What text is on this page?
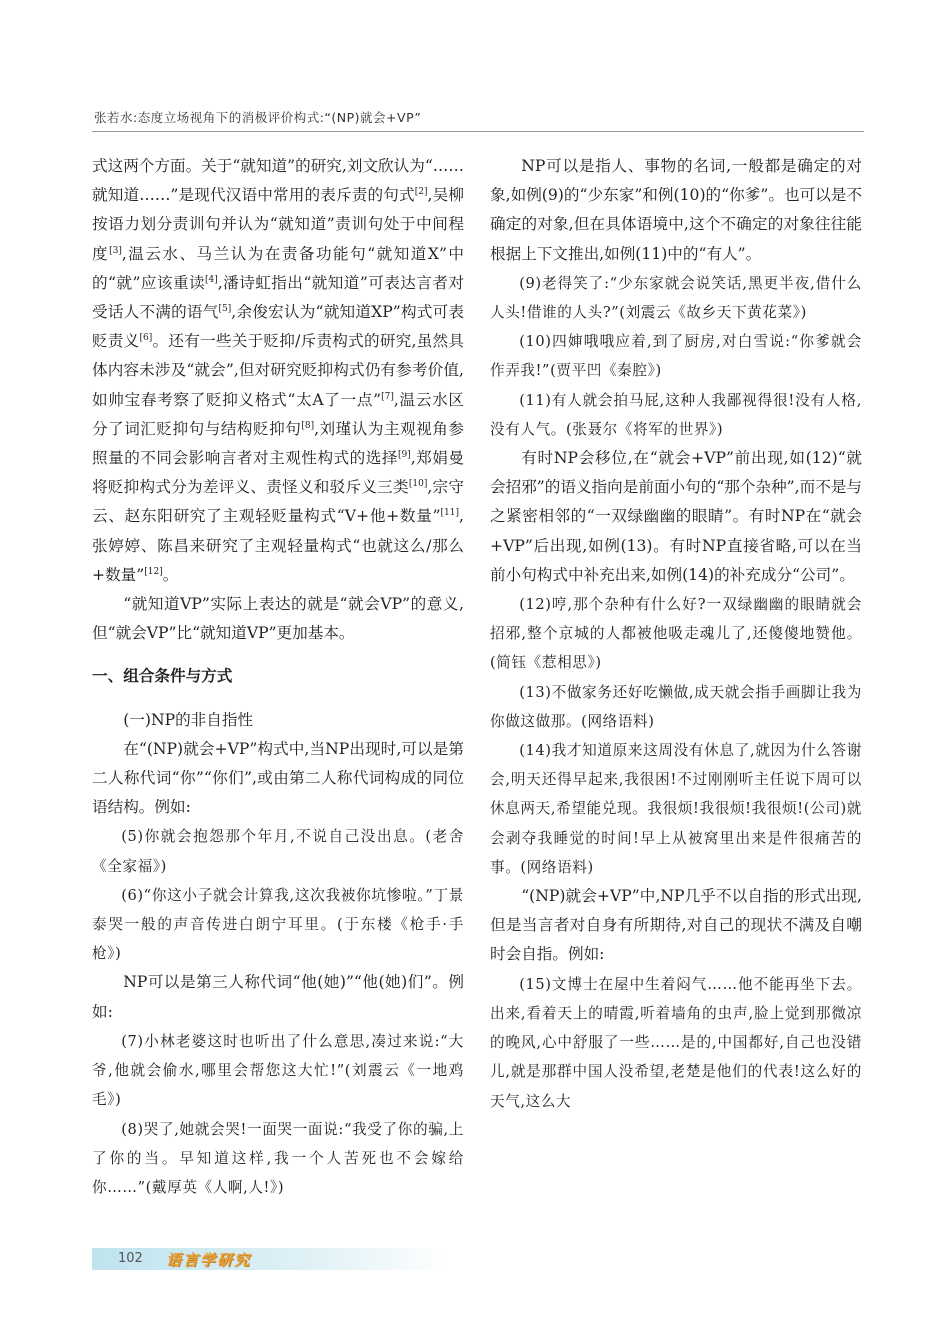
张若水:态度立场视角下的消极评价构式:“(NP)就会+VP”

式这两个方面。关于“就知道”的研究,刘文欣认为“……就知道……”是现代汉语中常用的表斥责的句式[2],吴柳按语力划分责训句并认为“就知道”责训句处于中间程度[3],温云水、马兰认为在责备功能句“就知道X”中的“就”应该重读[4],潘诗虹指出“就知道”可表达言者对受话人不满的语气[5],余俊宏认为“就知道XP”构式可表贬责义[6]。还有一些关于贬抑/斥责构式的研究,虽然具体内容未涉及“就会”,但对研究贬抑构式仍有参考价值,如帅宝春考察了贬抑义格式“太A了一点”[7],温云水区分了词汇贬抑句与结构贬抑句[8],刘瑾认为主观视角参照量的不同会影响言者对主观性构式的选择[9],郑娟曼将贬抑构式分为差评义、责怪义和驳斥义三类[10],宗守云、赵东阳研究了主观轻贬量构式“V+他+数量”[11],张婷婷、陈昌来研究了主观轻量构式“也就这么/那么+数量”[12]。

“就知道VP”实际上表达的就是“就会VP”的意义,但“就会VP”比“就知道VP”更加基本。

一、组合条件与方式
(一)NP的非自指性

在“(NP)就会+VP”构式中,当NP出现时,可以是第二人称代词“你”“你们”,或由第二人称代词构成的同位语结构。例如:

(5)你就会抱怨那个年月,不说自己没出息。(老舍《全家福》)

(6)“你这小子就会计算我,这次我被你坑惨啦。”丁景泰哭一般的声音传进白朗宁耳里。(于东楼《枪手·手枪》)

NP可以是第三人称代词“他(她)”“他(她)们”。例如:

(7)小林老婆这时也听出了什么意思,凑过来说:“大爷,他就会偷水,哪里会帮您这大忙!”(刘震云《一地鸡毛》)

(8)哭了,她就会哭!一面哭一面说:“我受了你的骗,上了你的当。早知道这样,我一个人苦死也不会嫁给你……”(戴厚英《人啊,人!》)

NP可以是指人、事物的名词,一般都是确定的对象,如例(9)的“少东家”和例(10)的“你爹”。也可以是不确定的对象,但在具体语境中,这个不确定的对象往往能根据上下文推出,如例(11)中的“有人”。

(9)老得笑了:“少东家就会说笑话,黑更半夜,借什么人头!借谁的人头?”(刘震云《故乡天下黄花菜》)

(10)四婶哦哦应着,到了厨房,对白雪说:“你爹就会作弄我!”(贾平凹《秦腔》)

(11)有人就会拍马屁,这种人我鄙视得很!没有人格,没有人气。(张聂尔《将军的世界》)

有时NP会移位,在“就会+VP”前出现,如(12)“就会招邪”的语义指向是前面小句的“那个杂种”,而不是与之紧密相邻的“一双绿幽幽的眼睛”。有时NP在“就会+VP”后出现,如例(13)。有时NP直接省略,可以在当前小句构式中补充出来,如例(14)的补充成分“公司”。

(12)哼,那个杂种有什么好?一双绿幽幽的眼睛就会招邪,整个京城的人都被他吸走魂儿了,还傻傻地赞他。(简钰《惹相思》)

(13)不做家务还好吃懒做,成天就会指手画脚让我为你做这做那。(网络语料)

(14)我才知道原来这周没有休息了,就因为什么答谢会,明天还得早起来,我很困!不过刚刚听主任说下周可以休息两天,希望能兑现。我很烦!我很烦!我很烦!(公司)就会剥夺我睡觉的时间!早上从被窝里出来是件很痛苦的事。(网络语料)

“(NP)就会+VP”中,NP几乎不以自指的形式出现,但是当言者对自身有所期待,对自己的现状不满及自嘲时会自指。例如:

(15)文博士在屋中生着闷气……他不能再坐下去。出来,看着天上的晴霞,听着墙角的虫声,脸上觉到那微凉的晚风,心中舒服了一些……是的,中国都好,自己也没错儿,就是那群中国人没希望,老楚是他们的代表!这么好的天气,这么大

102 语言学研究
